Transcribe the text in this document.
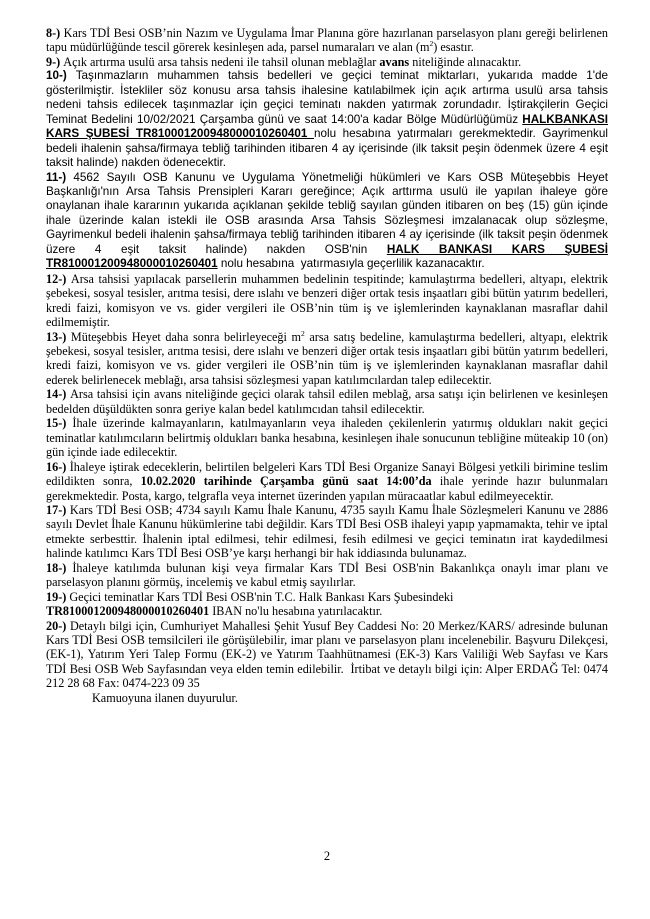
8-) Kars TDİ Besi OSB’nin Nazım ve Uygulama İmar Planına göre hazırlanan parselasyon planı gereği belirlenen tapu müdürlüğünde tescil görerek kesinleşen ada, parsel numaraları ve alan $(m^2)$ esastır.

9-) Açık artırma usulü arsa tahsis nedeni ile tahsil olunan meblağlar avans niteliğinde alınacaktır.

10-) Taşınmazların muhammen tahsis bedelleri ve geçici teminat miktarları, yukarıda madde 1'de gösterilmiştir. İstekliler söz konusu arsa tahsis ihalesine katılabilmek için açık artırma usulü arsa tahsis nedeni tahsis edilecek taşınmazlar için geçici teminatı nakden yatırmak zorundadır. İştirakçilerin Geçici Teminat Bedelini 10/02/2021 Çarşamba günü ve saat 14:00'a kadar Bölge Müdürlüğümüz HALKBANKASI KARS ŞUBESİ TR810001200948000010260401 nolu hesabına yatırmaları gerekmektedir. Gayrimenkul bedeli ihalenin şahsa/firmaya tebliğ tarihinden itibaren 4 ay içerisinde (ilk taksit peşin ödenmek üzere 4 eşit taksit halinde) nakden ödenecektir.

11-) 4562 Sayılı OSB Kanunu ve Uygulama Yönetmeliği hükümleri ve Kars OSB Müteşebbis Heyet Başkanlığı'nın Arsa Tahsis Prensipleri Kararı gereğince; Açık arttırma usulü ile yapılan ihaleye göre onaylanan ihale kararının yukarıda açıklanan şekilde tebliğ sayılan günden itibaren on beş (15) gün içinde ihale üzerinde kalan istekli ile OSB arasında Arsa Tahsis Sözleşmesi imzalanacak olup sözleşme, Gayrimenkul bedeli ihalenin şahsa/firmaya tebliğ tarihinden itibaren 4 ay içerisinde (ilk taksit peşin ödenmek üzere 4 eşit taksit halinde) nakden OSB'nin HALK BANKASI KARS ŞUBESİ TR810001200948000010260401 nolu hesabına  yatırmasıyla geçerlilik kazanacaktır.

12-) Arsa tahsisi yapılacak parsellerin muhammen bedelinin tespitinde; kamulaştırma bedelleri, altyapı, elektrik şebekesi, sosyal tesisler, arıtma tesisi, dere ıslahı ve benzeri diğer ortak tesis inşaatları gibi bütün yatırım bedelleri, kredi faizi, komisyon ve vs. gider vergileri ile OSB’nin tüm iş ve işlemlerinden kaynaklanan masraflar dahil edilmemiştir.

13-) Müteşebbis Heyet daha sonra belirleyeceği $m^2$ arsa satış bedeline, kamulaştırma bedelleri, altyapı, elektrik şebekesi, sosyal tesisler, arıtma tesisi, dere ıslahı ve benzeri diğer ortak tesis inşaatları gibi bütün yatırım bedelleri, kredi faizi, komisyon ve vs. gider vergileri ile OSB’nin tüm iş ve işlemlerinden kaynaklanan masraflar dahil ederek belirlenecek meblağı, arsa tahsisi sözleşmesi yapan katılımcılardan talep edilecektir.

14-) Arsa tahsisi için avans niteliğinde geçici olarak tahsil edilen meblağ, arsa satışı için belirlenen ve kesinleşen bedelden düşüldükten sonra geriye kalan bedel katılımcıdan tahsil edilecektir.

15-) İhale üzerinde kalmayanların, katılmayanların veya ihaleden çekilenlerin yatırmış oldukları nakit geçici teminatlar katılımcıların belirtmiş oldukları banka hesabına, kesinleşen ihale sonucunun tebliğine müteakip 10 (on) gün içinde iade edilecektir.

16-) İhaleye iştirak edeceklerin, belirtilen belgeleri Kars TDİ Besi Organize Sanayi Bölgesi yetkili birimine teslim edildikten sonra, 10.02.2020 tarihinde Çarşamba günü saat 14:00’da ihale yerinde hazır bulunmaları gerekmektedir. Posta, kargo, telgrafla veya internet üzerinden yapılan müracaatlar kabul edilmeyecektir.

17-) Kars TDİ Besi OSB; 4734 sayılı Kamu İhale Kanunu, 4735 sayılı Kamu İhale Sözleşmeleri Kanunu ve 2886 sayılı Devlet İhale Kanunu hükümlerine tabi değildir. Kars TDİ Besi OSB ihaleyi yapıp yapmamakta, tehir ve iptal etmekte serbesttir. İhalenin iptal edilmesi, tehir edilmesi, fesih edilmesi ve geçici teminatın irat kaydedilmesi halinde katılımcı Kars TDİ Besi OSB’ye karşı herhangi bir hak iddiasında bulunamaz.

18-) İhaleye katılımda bulunan kişi veya firmalar Kars TDİ Besi OSB'nin Bakanlıkça onaylı imar planı ve parselasyon planını görmüş, incelemiş ve kabul etmiş sayılırlar.

19-) Geçici teminatlar Kars TDİ Besi OSB'nin T.C. Halk Bankası Kars Şubesindeki
TR810001200948000010260401 IBAN no'lu hesabına yatırılacaktır.

20-) Detaylı bilgi için, Cumhuriyet Mahallesi Şehit Yusuf Bey Caddesi No: 20 Merkez/KARS/ adresinde bulunan Kars TDİ Besi OSB temsilcileri ile görüşülebilir, imar planı ve parselasyon planı incelenebilir. Başvuru Dilekçesi, (EK-1), Yatırım Yeri Talep Formu (EK-2) ve Yatırım Taahhütnamesi (EK-3) Kars Valiliği Web Sayfası ve Kars TDİ Besi OSB Web Sayfasından veya elden temin edilebilir.  İrtibat ve detaylı bilgi için: Alper ERDAĞ Tel: 0474 212 28 68 Fax: 0474-223 09 35

Kamuoyuna ilanen duyurulur.

2
